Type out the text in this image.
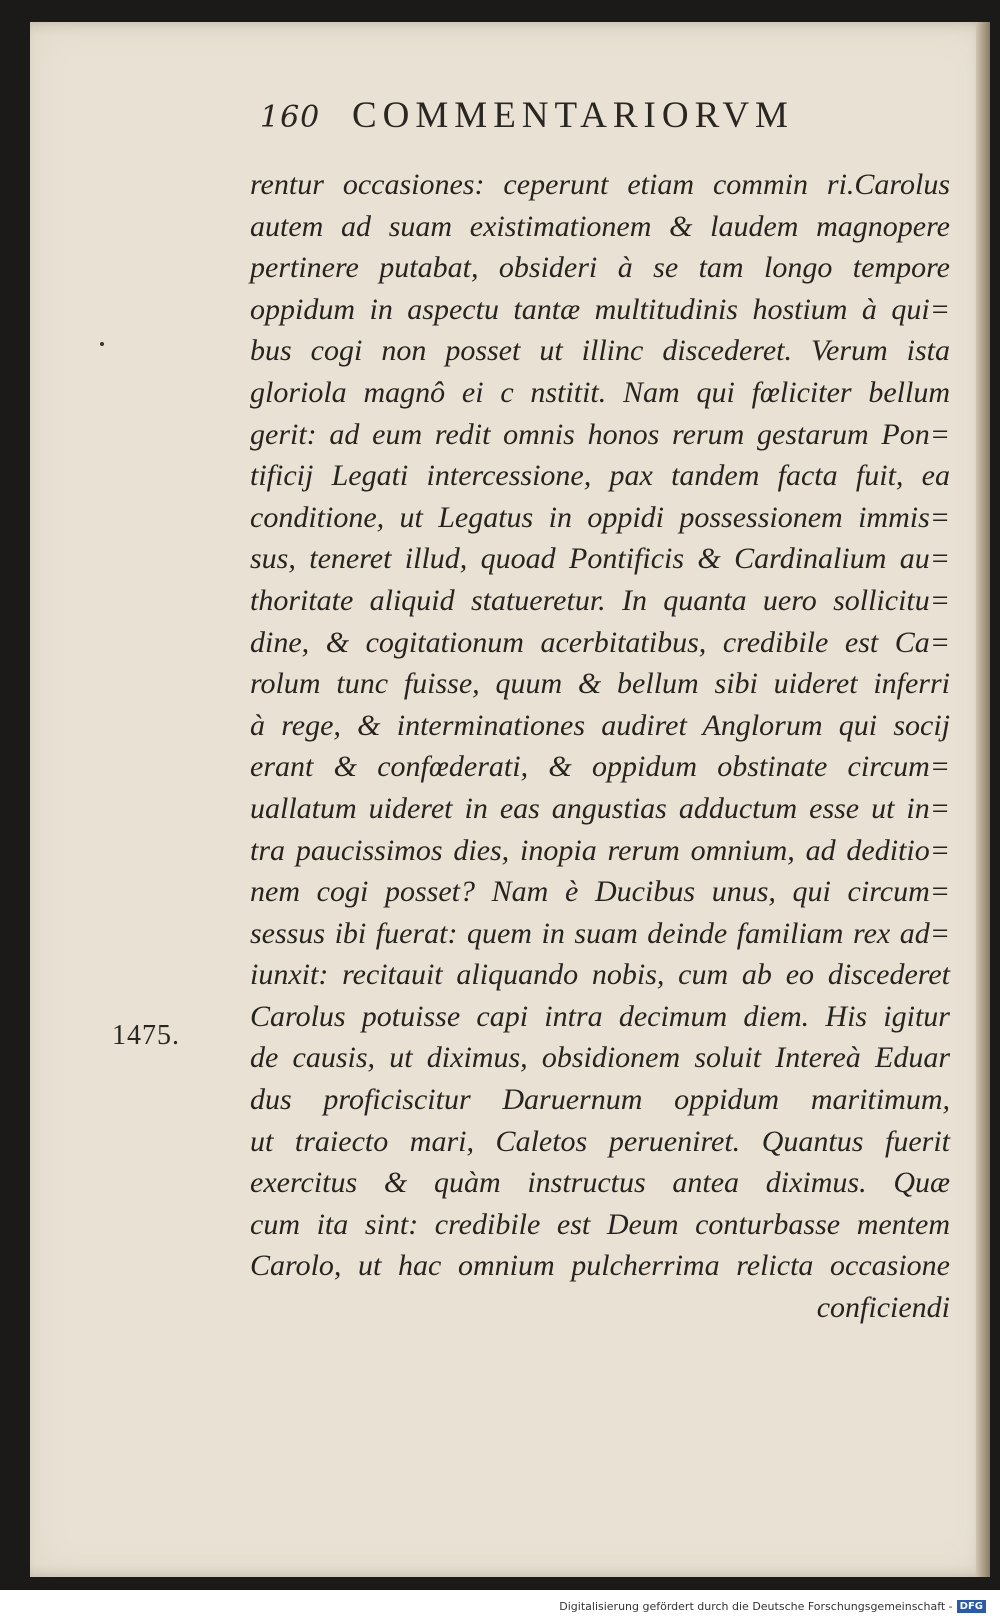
160 COMMENTARIORVM
1475.
rentur occasiones: ceperunt etiam commin ri.Carolus
autem ad suam existimationem & laudem magnopere
pertinere putabat, obsideri à se tam longo tempore
oppidum in aspectu tantæ multitudinis hostium à qui=
bus cogi non posset ut illinc discederet. Verum ista
gloriola magnô ei c nstitit. Nam qui fœliciter bellum
gerit: ad eum redit omnis honos rerum gestarum Pon=
tificij Legati intercessione, pax tandem facta fuit, ea
conditione, ut Legatus in oppidi possessionem immis=
sus, teneret illud, quoad Pontificis & Cardinalium au=
thoritate aliquid statueretur. In quanta uero sollicitu=
dine, & cogitationum acerbitatibus, credibile est Ca=
rolum tunc fuisse, quum & bellum sibi uideret inferri
à rege, & interminationes audiret Anglorum qui socij
erant & confœderati, & oppidum obstinate circum=
uallatum uideret in eas angustias adductum esse ut in=
tra paucissimos dies, inopia rerum omnium, ad deditio=
nem cogi posset? Nam è Ducibus unus, qui circum=
sessus ibi fuerat: quem in suam deinde familiam rex ad=
iunxit: recitauit aliquando nobis, cum ab eo discederet
Carolus potuisse capi intra decimum diem. His igitur
de causis, ut diximus, obsidionem soluit Intereà Eduar
dus proficiscitur Daruernum oppidum maritimum,
ut traiecto mari, Caletos perueniret. Quantus fuerit
exercitus & quàm instructus antea diximus. Quæ
cum ita sint: credibile est Deum conturbasse mentem
Carolo, ut hac omnium pulcherrima relicta occasione
conficiendi
Digitalisierung gefördert durch die Deutsche Forschungsgemeinschaft - DFG
